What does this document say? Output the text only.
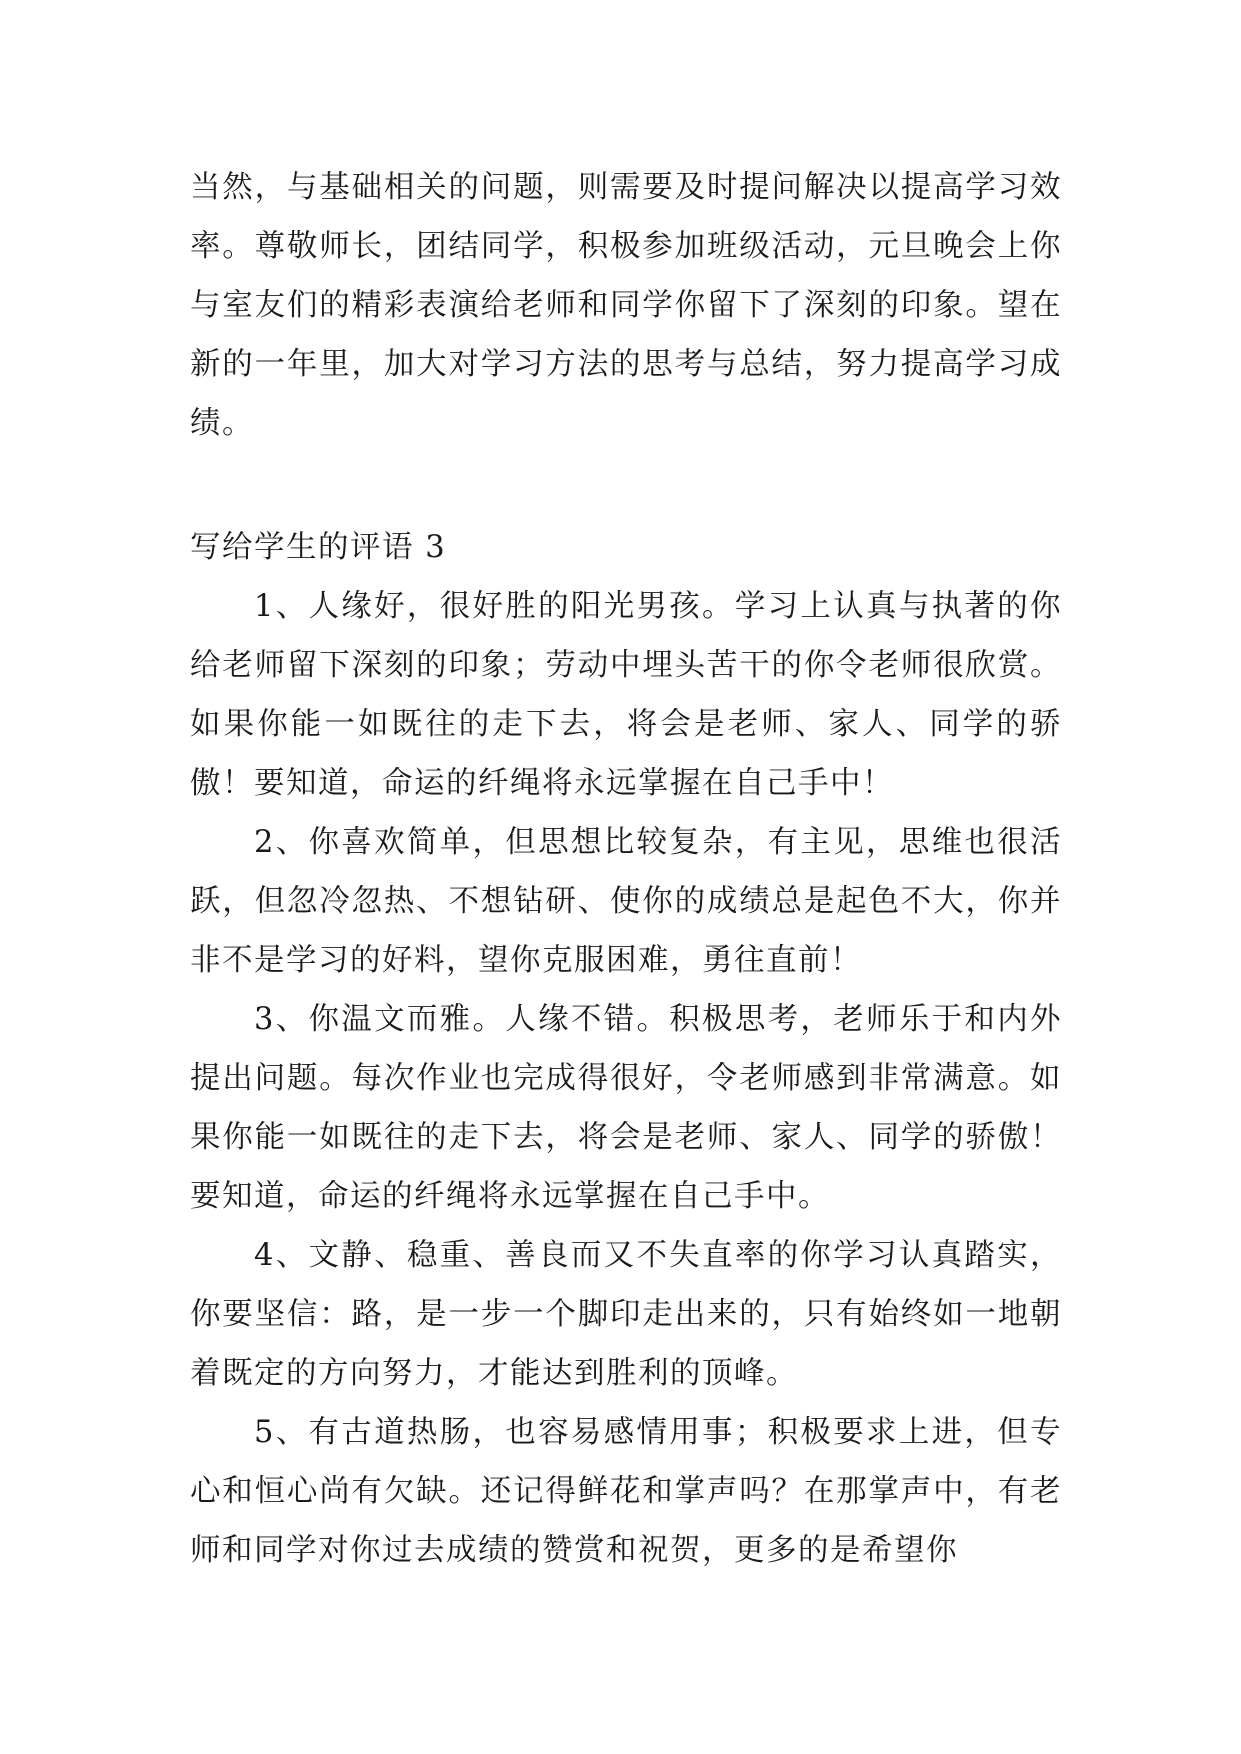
当然，与基础相关的问题，则需要及时提问解决以提高学习效率。尊敬师长，团结同学，积极参加班级活动，元旦晚会上你与室友们的精彩表演给老师和同学你留下了深刻的印象。望在新的一年里，加大对学习方法的思考与总结，努力提高学习成绩。

写给学生的评语 3

1、人缘好，很好胜的阳光男孩。学习上认真与执著的你给老师留下深刻的印象；劳动中埋头苦干的你令老师很欣赏。如果你能一如既往的走下去，将会是老师、家人、同学的骄傲！要知道，命运的纤绳将永远掌握在自己手中！

2、你喜欢简单，但思想比较复杂，有主见，思维也很活跃，但忽冷忽热、不想钻研、使你的成绩总是起色不大，你并非不是学习的好料，望你克服困难，勇往直前！

3、你温文而雅。人缘不错。积极思考，老师乐于和内外提出问题。每次作业也完成得很好，令老师感到非常满意。如果你能一如既往的走下去，将会是老师、家人、同学的骄傲！要知道，命运的纤绳将永远掌握在自己手中。

4、文静、稳重、善良而又不失直率的你学习认真踏实，你要坚信：路，是一步一个脚印走出来的，只有始终如一地朝着既定的方向努力，才能达到胜利的顶峰。

5、有古道热肠，也容易感情用事；积极要求上进，但专心和恒心尚有欠缺。还记得鲜花和掌声吗？在那掌声中，有老师和同学对你过去成绩的赞赏和祝贺，更多的是希望你
